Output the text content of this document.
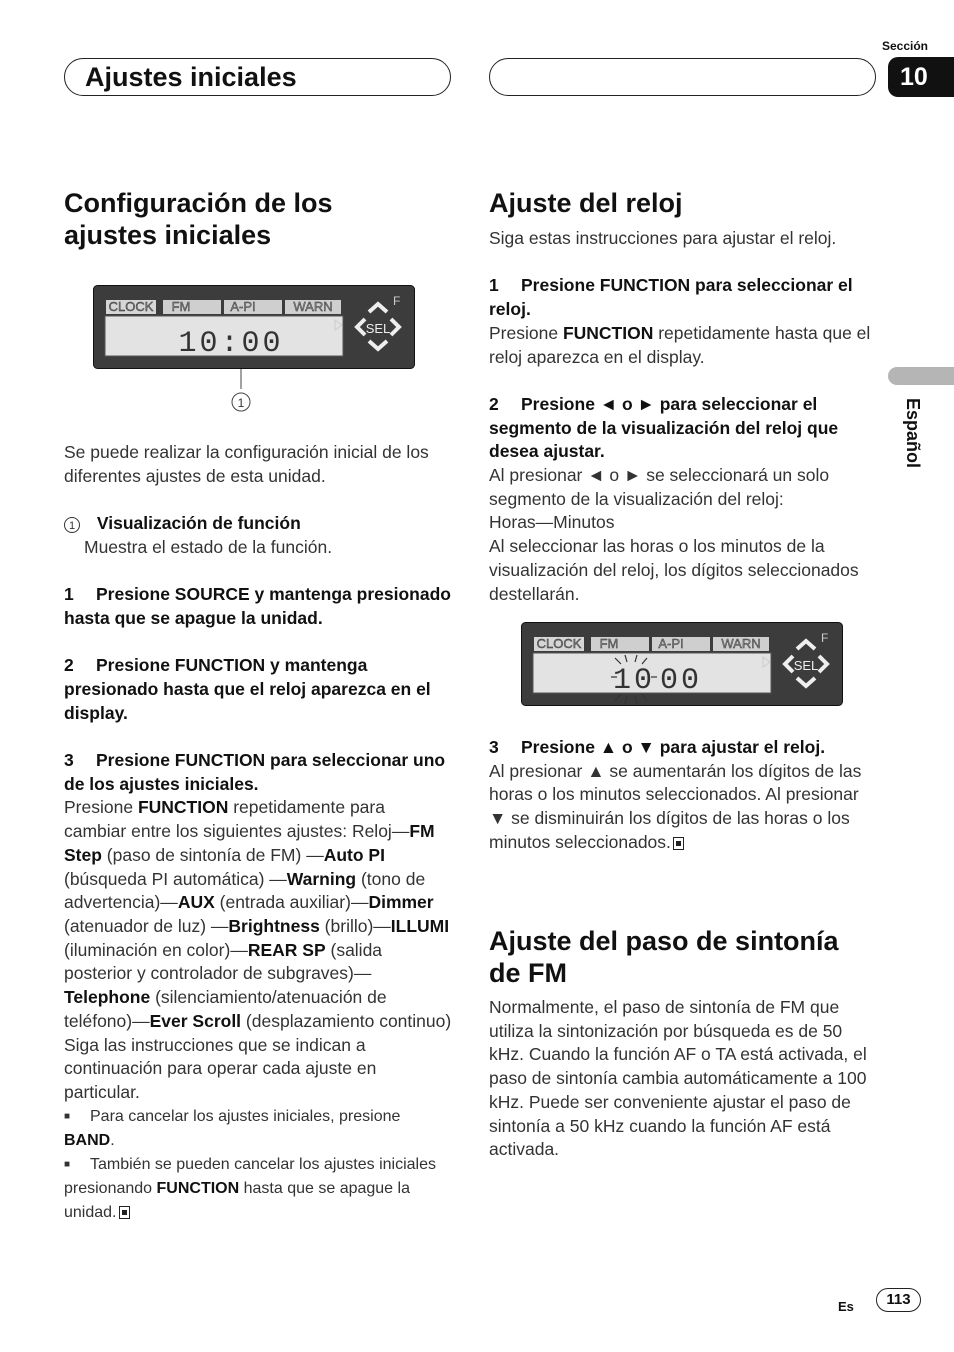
Ajustes iniciales
Sección
10
Español
Configuración de los ajustes iniciales
CLOCK FM	A-PI	WARN
10:00
F
SEL
1

Se puede realizar la configuración inicial de los diferentes ajustes de esta unidad.

1 Visualización de función

Muestra el estado de la función.

1 Presione SOURCE y mantenga presionado hasta que se apague la unidad.

2 Presione FUNCTION y mantenga presionado hasta que el reloj aparezca en el display.

3 Presione FUNCTION para seleccionar uno de los ajustes iniciales.

Presione FUNCTION repetidamente para cambiar entre los siguientes ajustes: Reloj—FM Step (paso de sintonía de FM) —Auto PI (búsqueda PI automática) —Warning (tono de advertencia)—AUX (entrada auxiliar)—Dimmer (atenuador de luz) —Brightness (brillo)—ILLUMI (iluminación en color)—REAR SP (salida posterior y controlador de subgraves)—Telephone (silenciamiento/atenuación de teléfono)—Ever Scroll (desplazamiento continuo)

Siga las instrucciones que se indican a continuación para operar cada ajuste en particular.

■ Para cancelar los ajustes iniciales, presione BAND.

■ También se pueden cancelar los ajustes iniciales presionando FUNCTION hasta que se apague la unidad.

Ajuste del reloj

Siga estas instrucciones para ajustar el reloj.

1 Presione FUNCTION para seleccionar el reloj.

Presione FUNCTION repetidamente hasta que el reloj aparezca en el display.

2 Presione ◄ o ► para seleccionar el segmento de la visualización del reloj que desea ajustar.

Al presionar ◄ o ► se seleccionará un solo segmento de la visualización del reloj:

Horas—Minutos

Al seleccionar las horas o los minutos de la visualización del reloj, los dígitos seleccionados destellarán.

CLOCK FM	A-PI	WARN
10 00
F
SEL

3 Presione ▲ o ▼ para ajustar el reloj.

Al presionar ▲ se aumentarán los dígitos de las horas o los minutos seleccionados. Al presionar ▼ se disminuirán los dígitos de las horas o los minutos seleccionados.

Ajuste del paso de sintonía de FM

Normalmente, el paso de sintonía de FM que utiliza la sintonización por búsqueda es de 50 kHz. Cuando la función AF o TA está activada, el paso de sintonía cambia automáticamente a 100 kHz. Puede ser conveniente ajustar el paso de sintonía a 50 kHz cuando la función AF está activada.

Es	113
